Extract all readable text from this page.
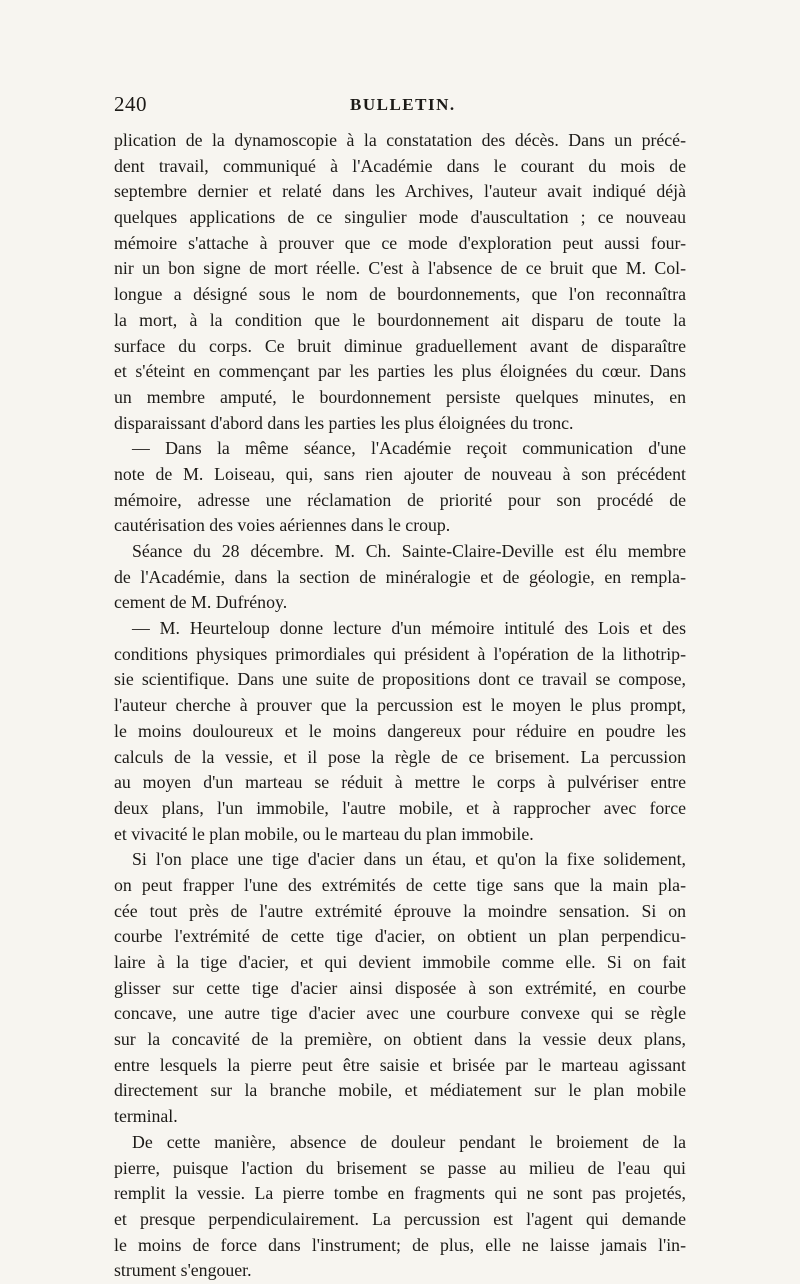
240	BULLETIN.
plication de la dynamoscopie à la constatation des décès. Dans un précé-
dent travail, communiqué à l'Académie dans le courant du mois de
septembre dernier et relaté dans les Archives, l'auteur avait indiqué déjà
quelques applications de ce singulier mode d'auscultation ; ce nouveau
mémoire s'attache à prouver que ce mode d'exploration peut aussi four-
nir un bon signe de mort réelle. C'est à l'absence de ce bruit que M. Col-
longue a désigné sous le nom de bourdonnements, que l'on reconnaîtra
la mort, à la condition que le bourdonnement ait disparu de toute la
surface du corps. Ce bruit diminue graduellement avant de disparaître
et s'éteint en commençant par les parties les plus éloignées du cœur. Dans
un membre amputé, le bourdonnement persiste quelques minutes, en
disparaissant d'abord dans les parties les plus éloignées du tronc.
— Dans la même séance, l'Académie reçoit communication d'une
note de M. Loiseau, qui, sans rien ajouter de nouveau à son précédent
mémoire, adresse une réclamation de priorité pour son procédé de
cautérisation des voies aériennes dans le croup.
Séance du 28 décembre. M. Ch. Sainte-Claire-Deville est élu membre
de l'Académie, dans la section de minéralogie et de géologie, en rempla-
cement de M. Dufrénoy.
— M. Heurteloup donne lecture d'un mémoire intitulé des Lois et des
conditions physiques primordiales qui président à l'opération de la lithotrip-
sie scientifique. Dans une suite de propositions dont ce travail se compose,
l'auteur cherche à prouver que la percussion est le moyen le plus prompt,
le moins douloureux et le moins dangereux pour réduire en poudre les
calculs de la vessie, et il pose la règle de ce brisement. La percussion
au moyen d'un marteau se réduit à mettre le corps à pulvériser entre
deux plans, l'un immobile, l'autre mobile, et à rapprocher avec force
et vivacité le plan mobile, ou le marteau du plan immobile.
Si l'on place une tige d'acier dans un étau, et qu'on la fixe solidement,
on peut frapper l'une des extrémités de cette tige sans que la main pla-
cée tout près de l'autre extrémité éprouve la moindre sensation. Si on
courbe l'extrémité de cette tige d'acier, on obtient un plan perpendicu-
laire à la tige d'acier, et qui devient immobile comme elle. Si on fait
glisser sur cette tige d'acier ainsi disposée à son extrémité, en courbe
concave, une autre tige d'acier avec une courbure convexe qui se règle
sur la concavité de la première, on obtient dans la vessie deux plans,
entre lesquels la pierre peut être saisie et brisée par le marteau agissant
directement sur la branche mobile, et médiatement sur le plan mobile
terminal.
De cette manière, absence de douleur pendant le broiement de la
pierre, puisque l'action du brisement se passe au milieu de l'eau qui
remplit la vessie. La pierre tombe en fragments qui ne sont pas projetés,
et presque perpendiculairement. La percussion est l'agent qui demande
le moins de force dans l'instrument; de plus, elle ne laisse jamais l'in-
strument s'engouer.
